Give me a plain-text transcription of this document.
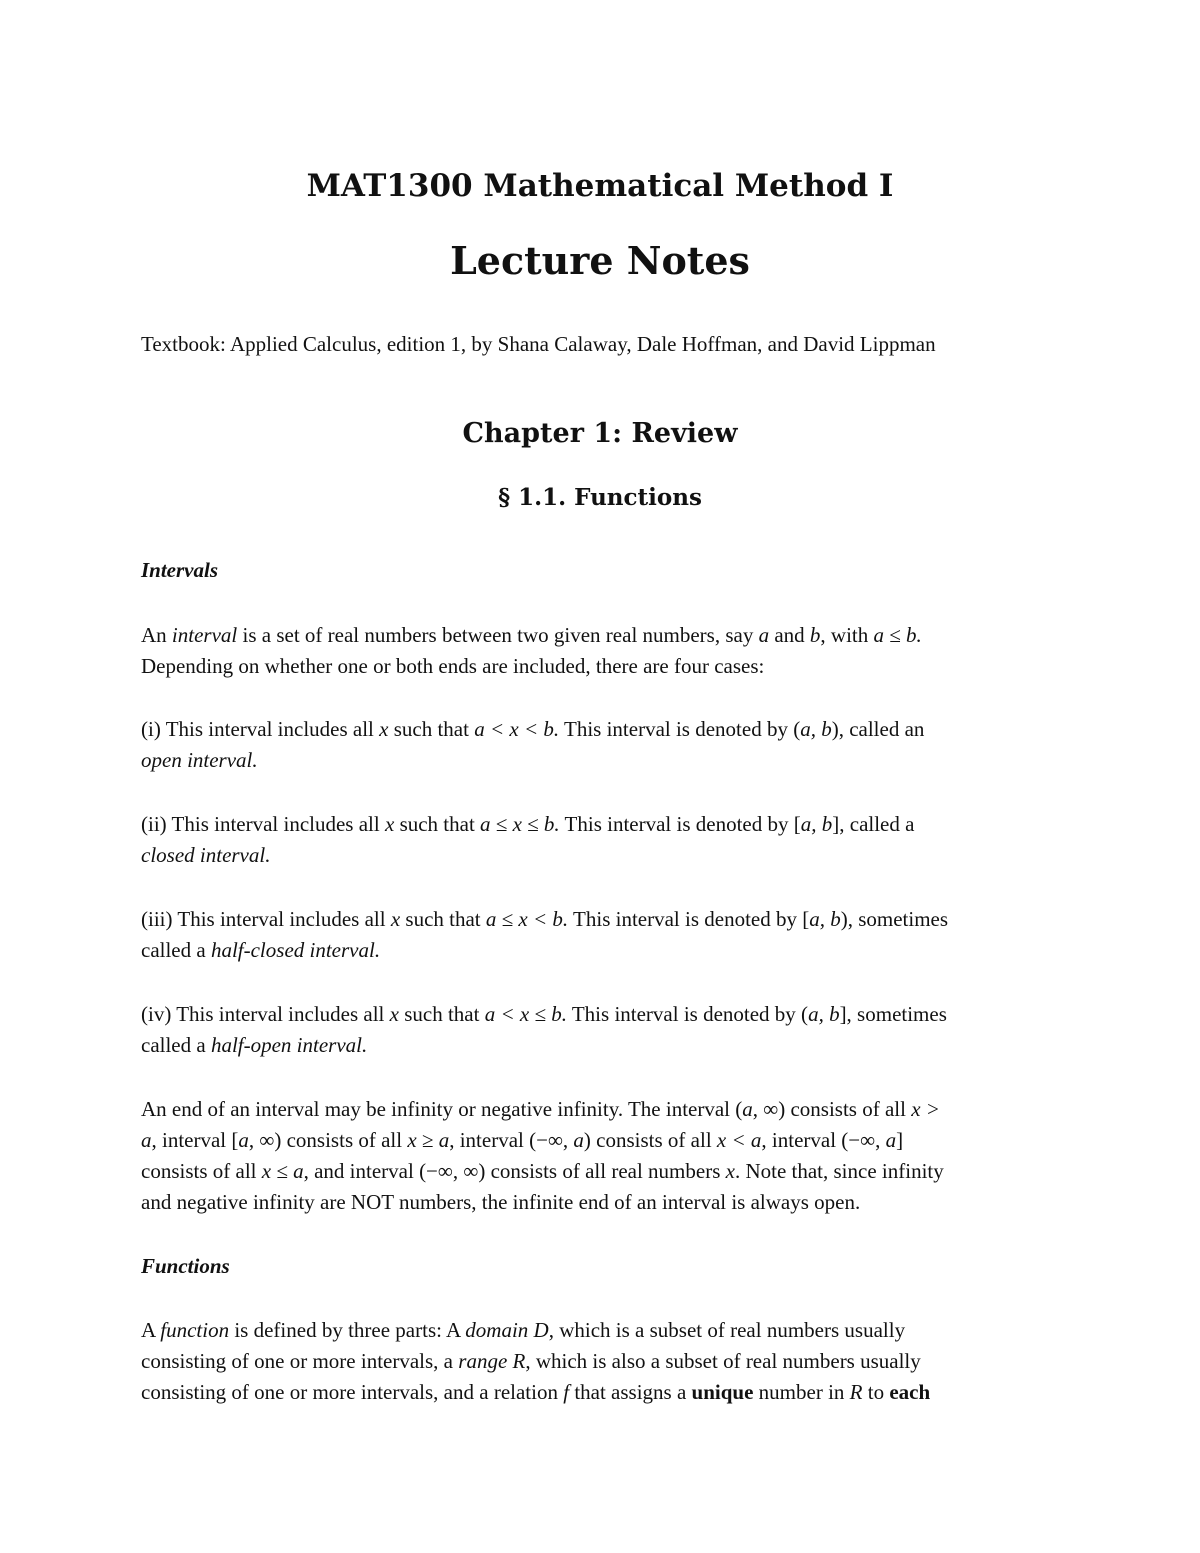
MAT1300 Mathematical Method I
Lecture Notes
Textbook: Applied Calculus, edition 1, by Shana Calaway, Dale Hoffman, and David Lippman
Chapter 1: Review
§ 1.1. Functions
Intervals
An interval is a set of real numbers between two given real numbers, say a and b, with a ≤ b.
Depending on whether one or both ends are included, there are four cases:
(i) This interval includes all x such that a < x < b. This interval is denoted by (a, b), called an
open interval.
(ii) This interval includes all x such that a ≤ x ≤ b. This interval is denoted by [a, b], called a
closed interval.
(iii) This interval includes all x such that a ≤ x < b. This interval is denoted by [a, b), sometimes
called a half-closed interval.
(iv) This interval includes all x such that a < x ≤ b. This interval is denoted by (a, b], sometimes
called a half-open interval.
An end of an interval may be infinity or negative infinity. The interval (a, ∞) consists of all x >
a, interval [a, ∞) consists of all x ≥ a, interval (−∞, a) consists of all x < a, interval (−∞, a]
consists of all x ≤ a, and interval (−∞, ∞) consists of all real numbers x. Note that, since infinity
and negative infinity are NOT numbers, the infinite end of an interval is always open.
Functions
A function is defined by three parts: A domain D, which is a subset of real numbers usually
consisting of one or more intervals, a range R, which is also a subset of real numbers usually
consisting of one or more intervals, and a relation f that assigns a unique number in R to each
